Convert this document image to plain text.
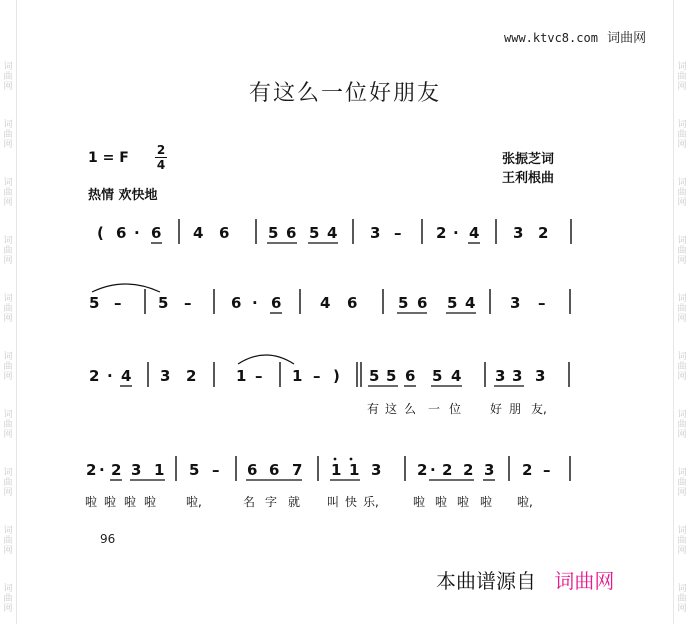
词
曲
网
词
曲
网
词
曲
网
词
曲
网
词
曲
网
词
曲
网
词
曲
网
词
曲
网
词
曲
网
词
曲
网
词
曲
网
词
曲
网
词
曲
网
词
曲
网
词
曲
网
词
曲
网
词
曲
网
词
曲
网
词
曲
网
词
曲
网
www.ktvc8.com 词曲网
有这么一位好朋友
1 = F 2
4
热情 欢快地
张振芝词
王利根曲
( 6 · 6 4 6	5 6 5 4 3 – 2 · 4 3 2
5 – 5 –	6 · 6	4 6	5 6 5 4 3 –
2 · 4 3 2	1 – 1 – ) 5 5 6 5 4 3 3 3
有 这 么 一 位 好 朋 友,
2 · 2 3 1 5 – 6 6 7 1 1 3 2 · 2 2 3 2 –
啦 啦 啦 啦 啦,	名 字 就 叫 快 乐,	啦 啦 啦 啦 啦,
96
本曲谱源自 词曲网
